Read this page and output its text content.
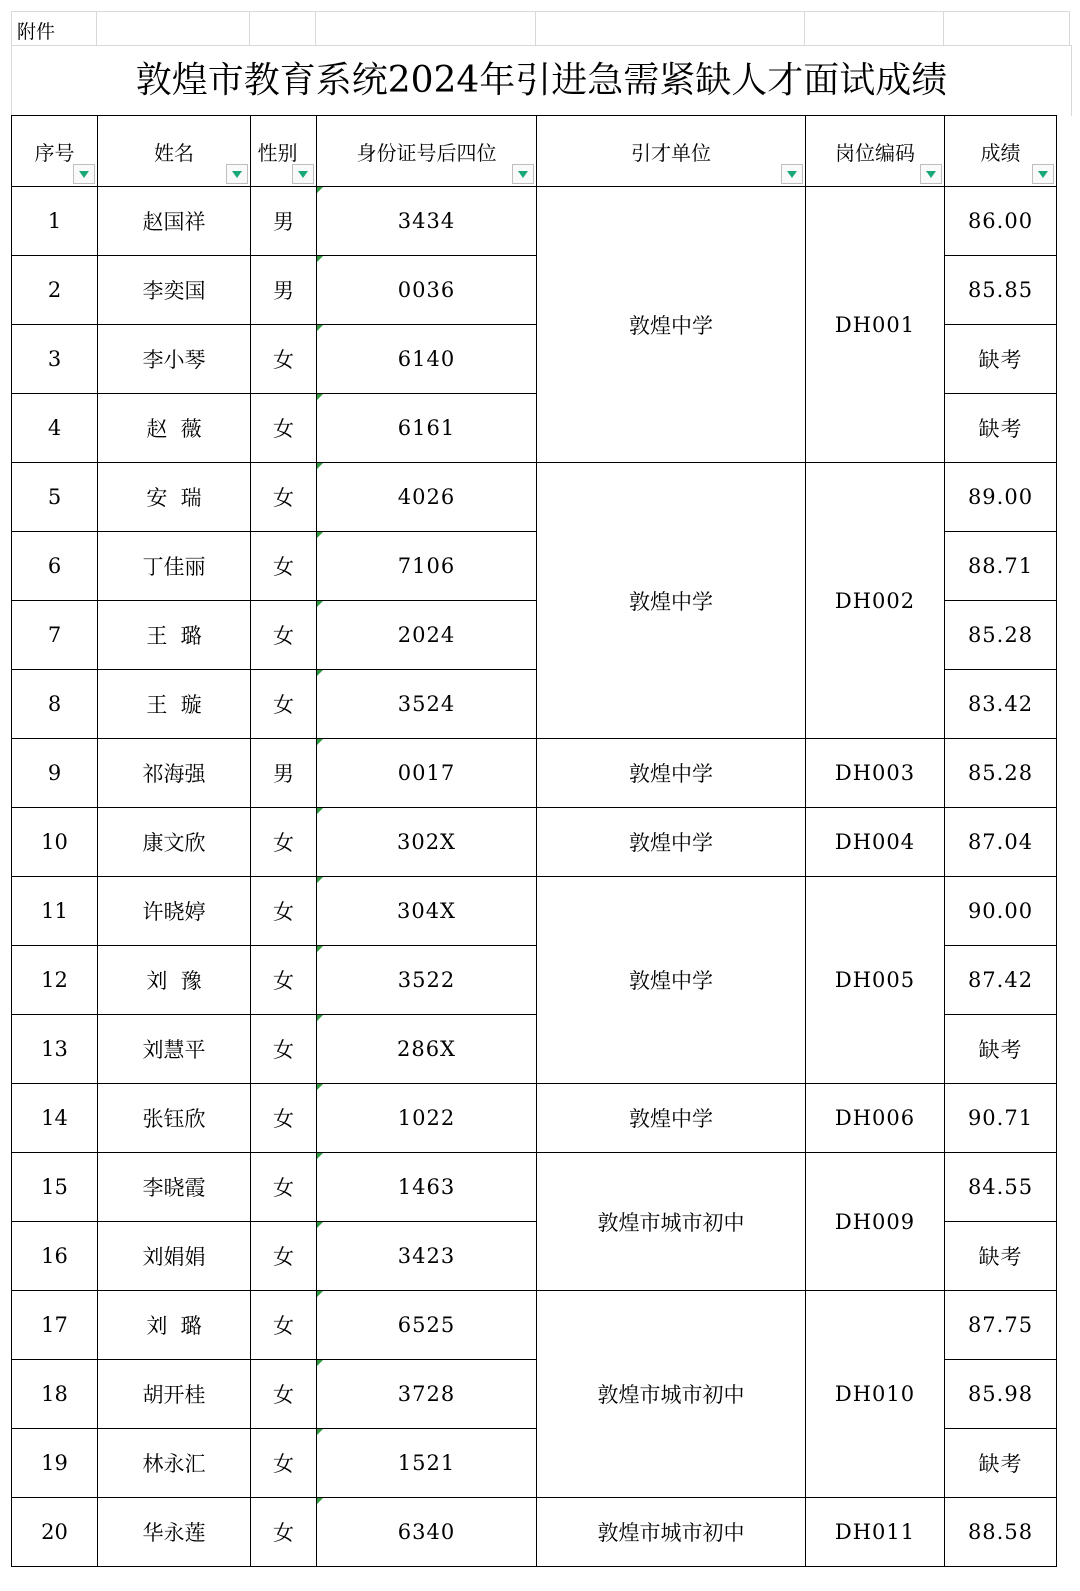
附件
敦煌市教育系统2024年引进急需紧缺人才面试成绩
序号	姓名	性别	身份证号后四位	引才单位	岗位编码	成绩

1	赵国祥	男	3434	敦煌中学	DH001	86.00
2	李奕国	男	0036			85.85
3	李小琴	女	6140			缺考
4	赵  薇	女	6161			缺考
5	安  瑞	女	4026	敦煌中学	DH002	89.00
6	丁佳丽	女	7106			88.71
7	王  璐	女	2024			85.28
8	王  璇	女	3524			83.42
9	祁海强	男	0017	敦煌中学	DH003	85.28
10	康文欣	女	302X	敦煌中学	DH004	87.04
11	许晓婷	女	304X	敦煌中学	DH005	90.00
12	刘  豫	女	3522			87.42
13	刘慧平	女	286X			缺考
14	张钰欣	女	1022	敦煌中学	DH006	90.71
15	李晓霞	女	1463	敦煌市城市初中	DH009	84.55
16	刘娟娟	女	3423			缺考
17	刘  璐	女	6525	敦煌市城市初中	DH010	87.75
18	胡开桂	女	3728			85.98
19	林永汇	女	1521			缺考
20	华永莲	女	6340	敦煌市城市初中	DH011	88.58
